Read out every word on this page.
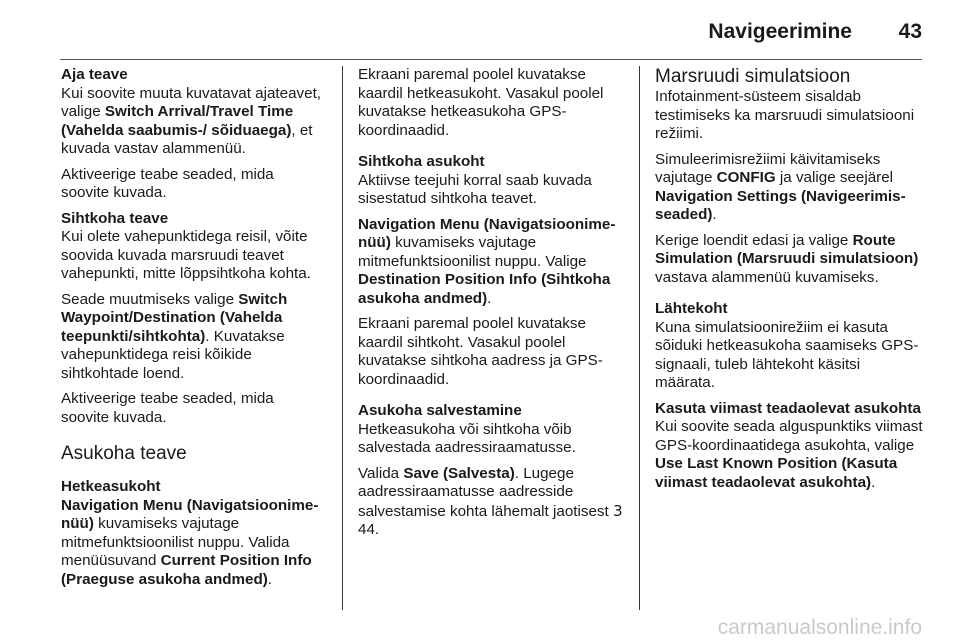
Navigeerimine 43
Aja teave

Kui soovite muuta kuvatavat ajateavet, valige Switch Arrival/Travel Time (Vahelda saabumis-/ sõiduaega), et kuvada vastav alammenüü.

Aktiveerige teabe seaded, mida soovite kuvada.

Sihtkoha teave

Kui olete vahepunktidega reisil, võite soovida kuvada marsruudi teavet vahepunkti, mitte lõppsihtkoha kohta.

Seade muutmiseks valige Switch Waypoint/Destination (Vahelda teepunkti/sihtkohta). Kuvatakse vahepunktidega reisi kõikide sihtkohtade loend.

Aktiveerige teabe seaded, mida soovite kuvada.

Asukoha teave
Hetkeasukoht

Navigation Menu (Navigatsioonime-nüü) kuvamiseks vajutage mitmefunktsioonilist nuppu. Valida menüüsuvand Current Position Info (Praeguse asukoha andmed).

Ekraani paremal poolel kuvatakse kaardil hetkeasukoht. Vasakul poolel kuvatakse hetkeasukoha GPS-koordinaadid.

Sihtkoha asukoht

Aktiivse teejuhi korral saab kuvada sisestatud sihtkoha teavet.

Navigation Menu (Navigatsioonime-nüü) kuvamiseks vajutage mitmefunktsioonilist nuppu. Valige Destination Position Info (Sihtkoha asukoha andmed).

Ekraani paremal poolel kuvatakse kaardil sihtkoht. Vasakul poolel kuvatakse sihtkoha aadress ja GPS-koordinaadid.

Asukoha salvestamine

Hetkeasukoha või sihtkoha võib salvestada aadressiraamatusse.

Valida Save (Salvesta). Lugege aadressiraamatusse aadresside salvestamise kohta lähemalt jaotisest 3 44.

Marsruudi simulatsioon

Infotainment-süsteem sisaldab testimiseks ka marsruudi simulatsiooni režiimi.

Simuleerimisrežiimi käivitamiseks vajutage CONFIG ja valige seejärel Navigation Settings (Navigeerimis-seaded).

Kerige loendit edasi ja valige Route Simulation (Marsruudi simulatsioon) vastava alammenüü kuvamiseks.

Lähtekoht

Kuna simulatsioonirežiim ei kasuta sõiduki hetkeasukoha saamiseks GPS-signaali, tuleb lähtekoht käsitsi määrata.

Kasuta viimast teadaolevat asukohta

Kui soovite seada alguspunktiks viimast GPS-koordinaatidega asukohta, valige Use Last Known Position (Kasuta viimast teadaolevat asukohta).

carmanualsonline.info
